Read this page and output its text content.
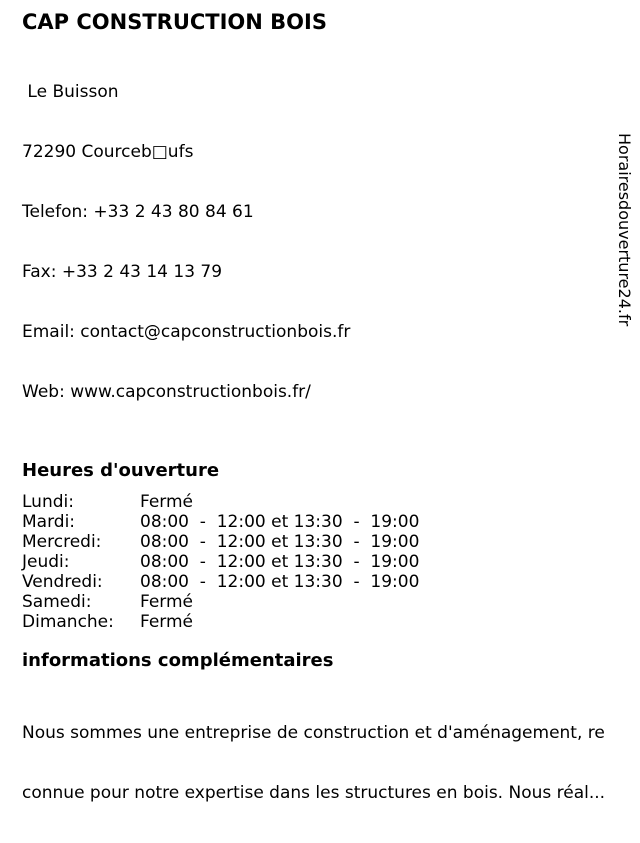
CAP CONSTRUCTION BOIS

Le Buisson

72290 Courceb□ufs

Telefon: +33 2 43 80 84 61

Fax: +33 2 43 14 13 79

Email: contact@capconstructionbois.fr

Web: www.capconstructionbois.fr/

Heures d'ouverture
Lundi:	Fermé
Mardi:	08:00  -  12:00 et 13:30  -  19:00
Mercredi:	08:00  -  12:00 et 13:30  -  19:00
Jeudi:	08:00  -  12:00 et 13:30  -  19:00
Vendredi:	08:00  -  12:00 et 13:30  -  19:00
Samedi:	Fermé
Dimanche:	Fermé
informations complémentaires

Nous sommes une entreprise de construction et d'aménagement, re

connue pour notre expertise dans les structures en bois. Nous réal...

Horairesdouverture24.fr
